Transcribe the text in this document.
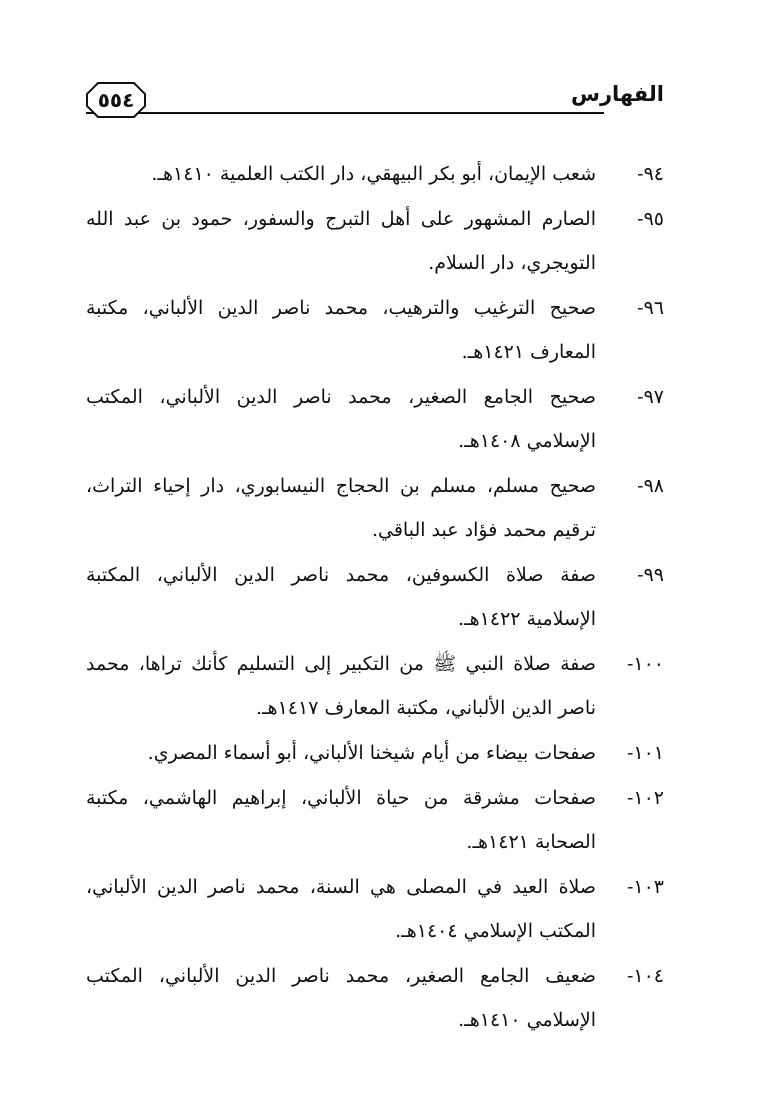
الفهارس
٥٥٤
٩٤-
شعب الإيمان، أبو بكر البيهقي، دار الكتب العلمية ١٤١٠هـ.
٩٥-
الصارم المشهور على أهل التبرج والسفور، حمود بن عبد الله التويجري، دار السلام.
٩٦-
صحيح الترغيب والترهيب، محمد ناصر الدين الألباني، مكتبة المعارف ١٤٢١هـ.
٩٧-
صحيح الجامع الصغير، محمد ناصر الدين الألباني، المكتب الإسلامي ١٤٠٨هـ.
٩٨-
صحيح مسلم، مسلم بن الحجاج النيسابوري، دار إحياء التراث، ترقيم محمد فؤاد عبد الباقي.
٩٩-
صفة صلاة الكسوفين، محمد ناصر الدين الألباني، المكتبة الإسلامية ١٤٢٢هـ.
١٠٠-
صفة صلاة النبي ﷺ من التكبير إلى التسليم كأنك تراها، محمد ناصر الدين الألباني، مكتبة المعارف ١٤١٧هـ.
١٠١-
صفحات بيضاء من أيام شيخنا الألباني، أبو أسماء المصري.
١٠٢-
صفحات مشرقة من حياة الألباني، إبراهيم الهاشمي، مكتبة الصحابة ١٤٢١هـ.
١٠٣-
صلاة العيد في المصلى هي السنة، محمد ناصر الدين الألباني، المكتب الإسلامي ١٤٠٤هـ.
١٠٤-
ضعيف الجامع الصغير، محمد ناصر الدين الألباني، المكتب الإسلامي ١٤١٠هـ.
